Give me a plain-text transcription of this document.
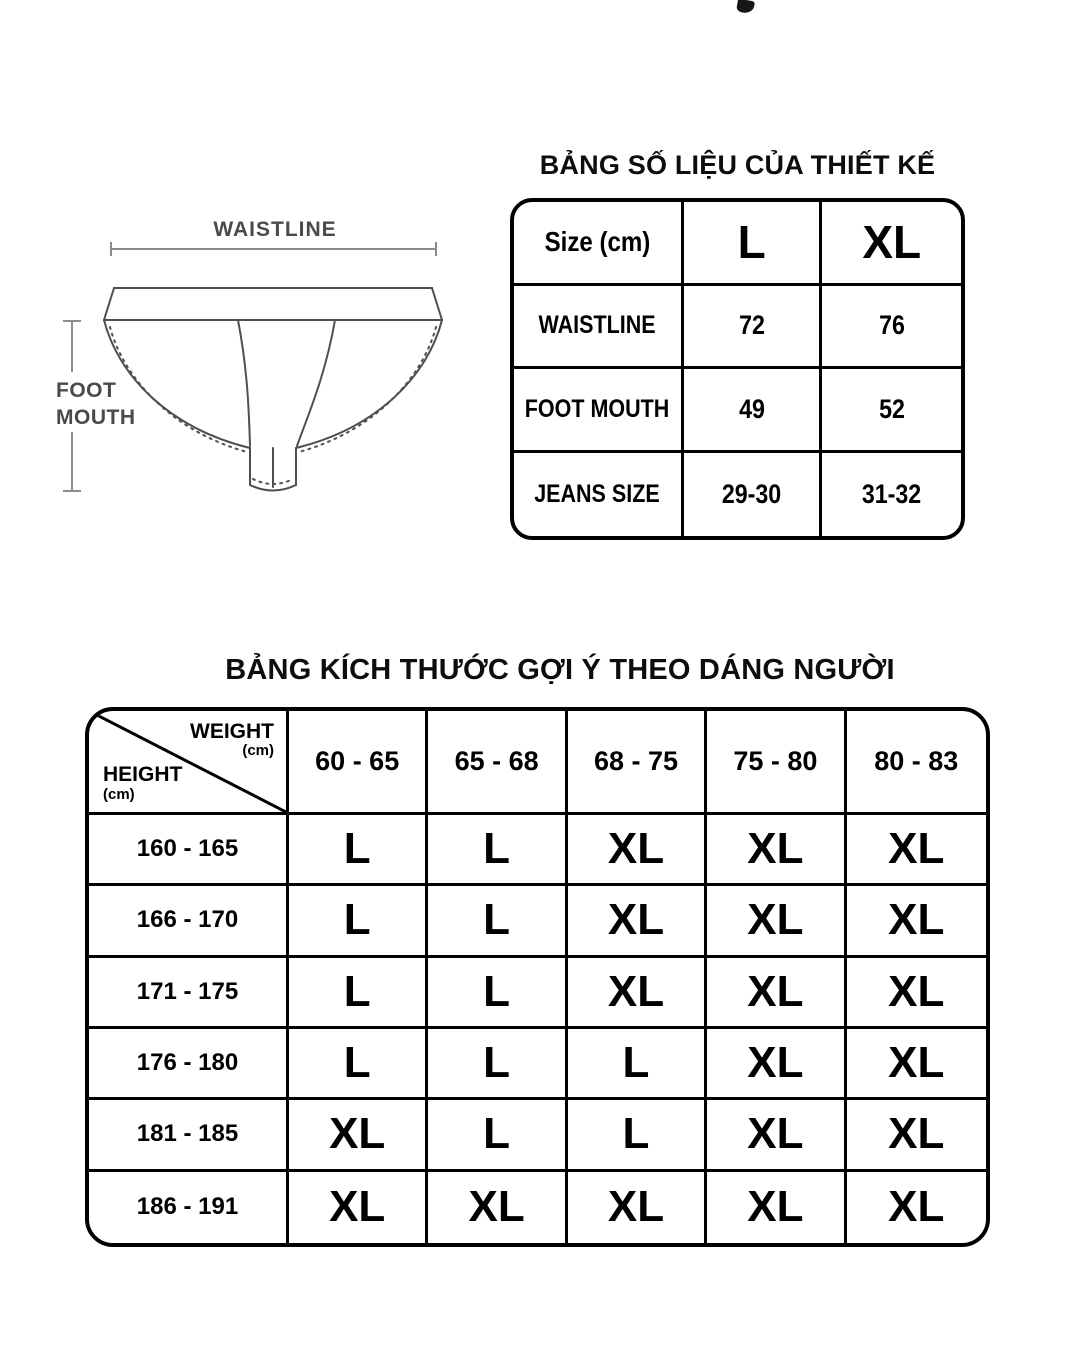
BẢNG SỐ LIỆU CỦA THIẾT KẾ
Size (cm) L XL
WAISTLINE	72	76
FOOT MOUTH	49	52
JEANS SIZE 29-30	31-32
WAISTLINE
FOOT MOUTH
BẢNG KÍCH THƯỚC GỢI Ý THEO DÁNG NGƯỜI
WEIGHT
(cm)
HEIGHT
(cm)
60 - 65	65 - 68	68 - 75	75 - 80	80 - 83
160 - 165	L	L	XL	XL	XL
166 - 170	L	L	XL	XL	XL
171 - 175	L	L	XL	XL	XL
176 - 180	L	L	L	XL	XL
181 - 185	XL	L	L	XL	XL
186 - 191	XL	XL	XL	XL	XL
